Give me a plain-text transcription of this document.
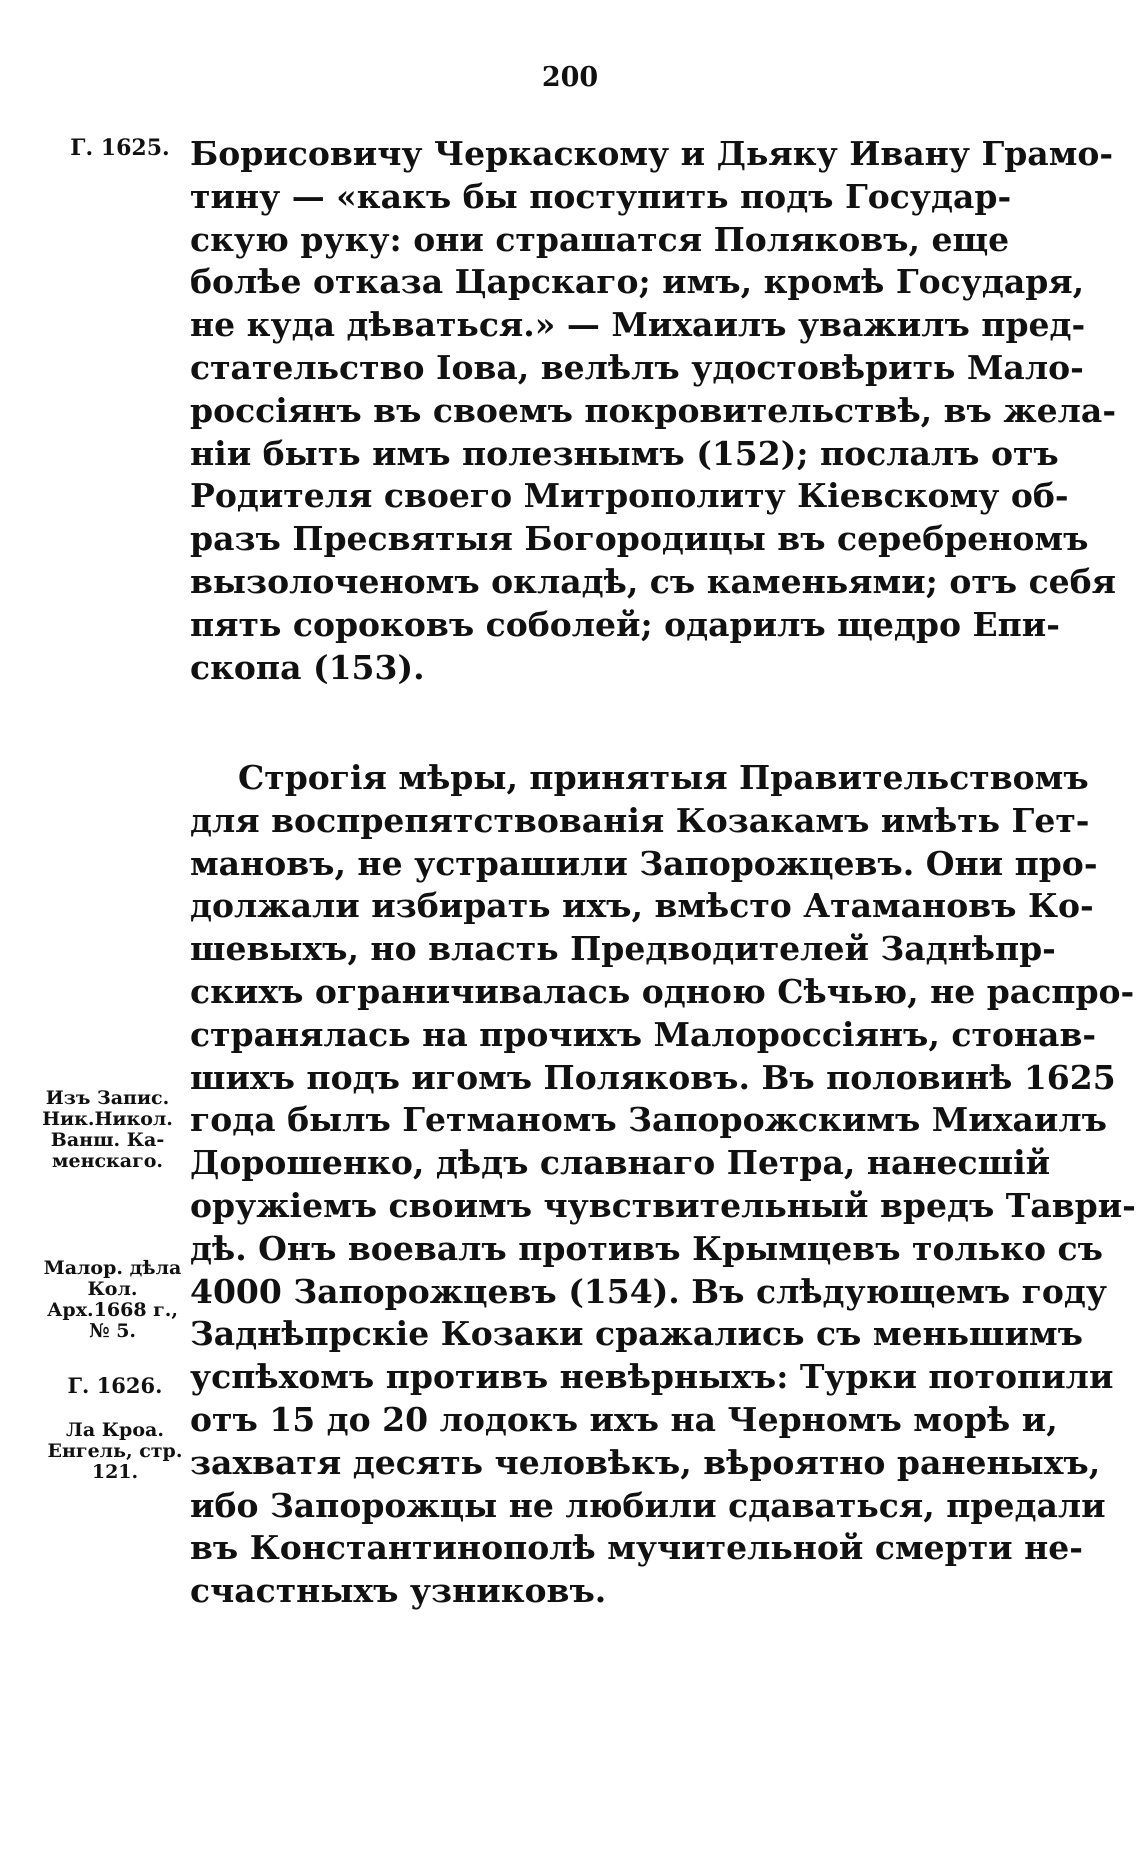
200
Г. 1625.
Изъ Запис. Ник.Никол. Ванш. Ка-менскаго.
Малор. дѣла Кол. Арх.1668 г., № 5.
Г. 1626.
Ла Кроа. Енгель, стр. 121.
Борисовичу Черкаскому и Дьяку Ивану Грамо-
тину — «какъ бы поступить подъ Государ-
скую руку: они страшатся Поляковъ, еще
болѣе отказа Царскаго; имъ, кромѣ Государя,
не куда дѣваться.» — Михаилъ уважилъ пред-
стательство Іова, велѣлъ удостовѣрить Мало-
россіянъ въ своемъ покровительствѣ, въ жела-
ніи быть имъ полезнымъ (152); послалъ отъ
Родителя своего Митрополиту Кіевскому об-
разъ Пресвятыя Богородицы въ серебреномъ
вызолоченомъ окладѣ, съ каменьями; отъ себя
пять сороковъ соболей; одарилъ щедро Епи-
скопа (153).
Строгія мѣры, принятыя Правительствомъ
для воспрепятствованія Козакамъ имѣть Гет-
мановъ, не устрашили Запорожцевъ. Они про-
должали избирать ихъ, вмѣсто Атамановъ Ко-
шевыхъ, но власть Предводителей Заднѣпр-
скихъ ограничивалась одною Сѣчью, не распро-
странялась на прочихъ Малороссіянъ, стонав-
шихъ подъ игомъ Поляковъ. Въ половинѣ 1625
года былъ Гетманомъ Запорожскимъ Михаилъ
Дорошенко, дѣдъ славнаго Петра, нанесшій
оружіемъ своимъ чувствительный вредъ Таври-
дѣ. Онъ воевалъ противъ Крымцевъ только съ
4000 Запорожцевъ (154). Въ слѣдующемъ году
Заднѣпрскіе Козаки сражались съ меньшимъ
успѣхомъ противъ невѣрныхъ: Турки потопили
отъ 15 до 20 лодокъ ихъ на Черномъ морѣ и,
захватя десять человѣкъ, вѣроятно раненыхъ,
ибо Запорожцы не любили сдаваться, предали
въ Константинополѣ мучительной смерти не-
счастныхъ узниковъ.
